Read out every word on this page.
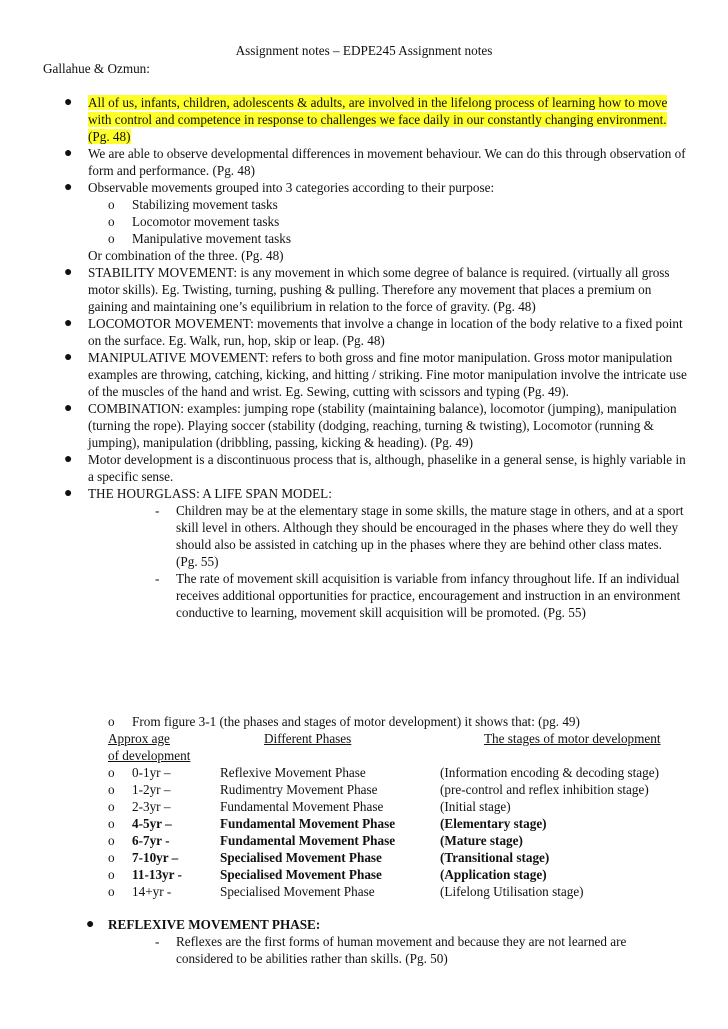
Assignment notes – EDPE245 Assignment notes
Gallahue & Ozmun:
● All of us, infants, children, adolescents & adults, are involved in the lifelong process of learning how to move with control and competence in response to challenges we face daily in our constantly changing environment. (Pg. 48)
● We are able to observe developmental differences in movement behaviour. We can do this through observation of form and performance. (Pg. 48)
● Observable movements grouped into 3 categories according to their purpose:
o Stabilizing movement tasks
o Locomotor movement tasks
o Manipulative movement tasks
Or combination of the three. (Pg. 48)
● STABILITY MOVEMENT: is any movement in which some degree of balance is required. (virtually all gross motor skills). Eg. Twisting, turning, pushing & pulling. Therefore any movement that places a premium on gaining and maintaining one’s equilibrium in relation to the force of gravity. (Pg. 48)
● LOCOMOTOR MOVEMENT: movements that involve a change in location of the body relative to a fixed point on the surface. Eg. Walk, run, hop, skip or leap. (Pg. 48)
● MANIPULATIVE MOVEMENT: refers to both gross and fine motor manipulation. Gross motor manipulation examples are throwing, catching, kicking, and hitting / striking. Fine motor manipulation involve the intricate use of the muscles of the hand and wrist. Eg. Sewing, cutting with scissors and typing (Pg. 49).
● COMBINATION: examples: jumping rope (stability (maintaining balance), locomotor (jumping), manipulation (turning the rope). Playing soccer (stability (dodging, reaching, turning & twisting), Locomotor (running & jumping), manipulation (dribbling, passing, kicking & heading). (Pg. 49)
● Motor development is a discontinuous process that is, although, phaselike in a general sense, is highly variable in a specific sense.
● THE HOURGLASS: A LIFE SPAN MODEL:
- Children may be at the elementary stage in some skills, the mature stage in others, and at a sport skill level in others. Although they should be encouraged in the phases where they do well they should also be assisted in catching up in the phases where they are behind other class mates. (Pg. 55)
- The rate of movement skill acquisition is variable from infancy throughout life. If an individual receives additional opportunities for practice, encouragement and instruction in an environment conductive to learning, movement skill acquisition will be promoted. (Pg. 55)
o From figure 3-1 (the phases and stages of motor development) it shows that: (pg. 49)
Approx age	Different Phases	The stages of motor development
of development
o 0-1yr –	Reflexive Movement Phase	(Information encoding & decoding stage)
o 1-2yr –	Rudimentry Movement Phase	(pre-control and reflex inhibition stage)
o 2-3yr –	Fundamental Movement Phase	(Initial stage)
o 4-5yr –	Fundamental Movement Phase	(Elementary stage)
o 6-7yr -	Fundamental Movement Phase	(Mature stage)
o 7-10yr –	Specialised Movement Phase	(Transitional stage)
o 11-13yr -	Specialised Movement Phase	(Application stage)
o 14+yr -	Specialised Movement Phase	(Lifelong Utilisation stage)
● REFLEXIVE MOVEMENT PHASE:
- Reflexes are the first forms of human movement and because they are not learned are considered to be abilities rather than skills. (Pg. 50)
